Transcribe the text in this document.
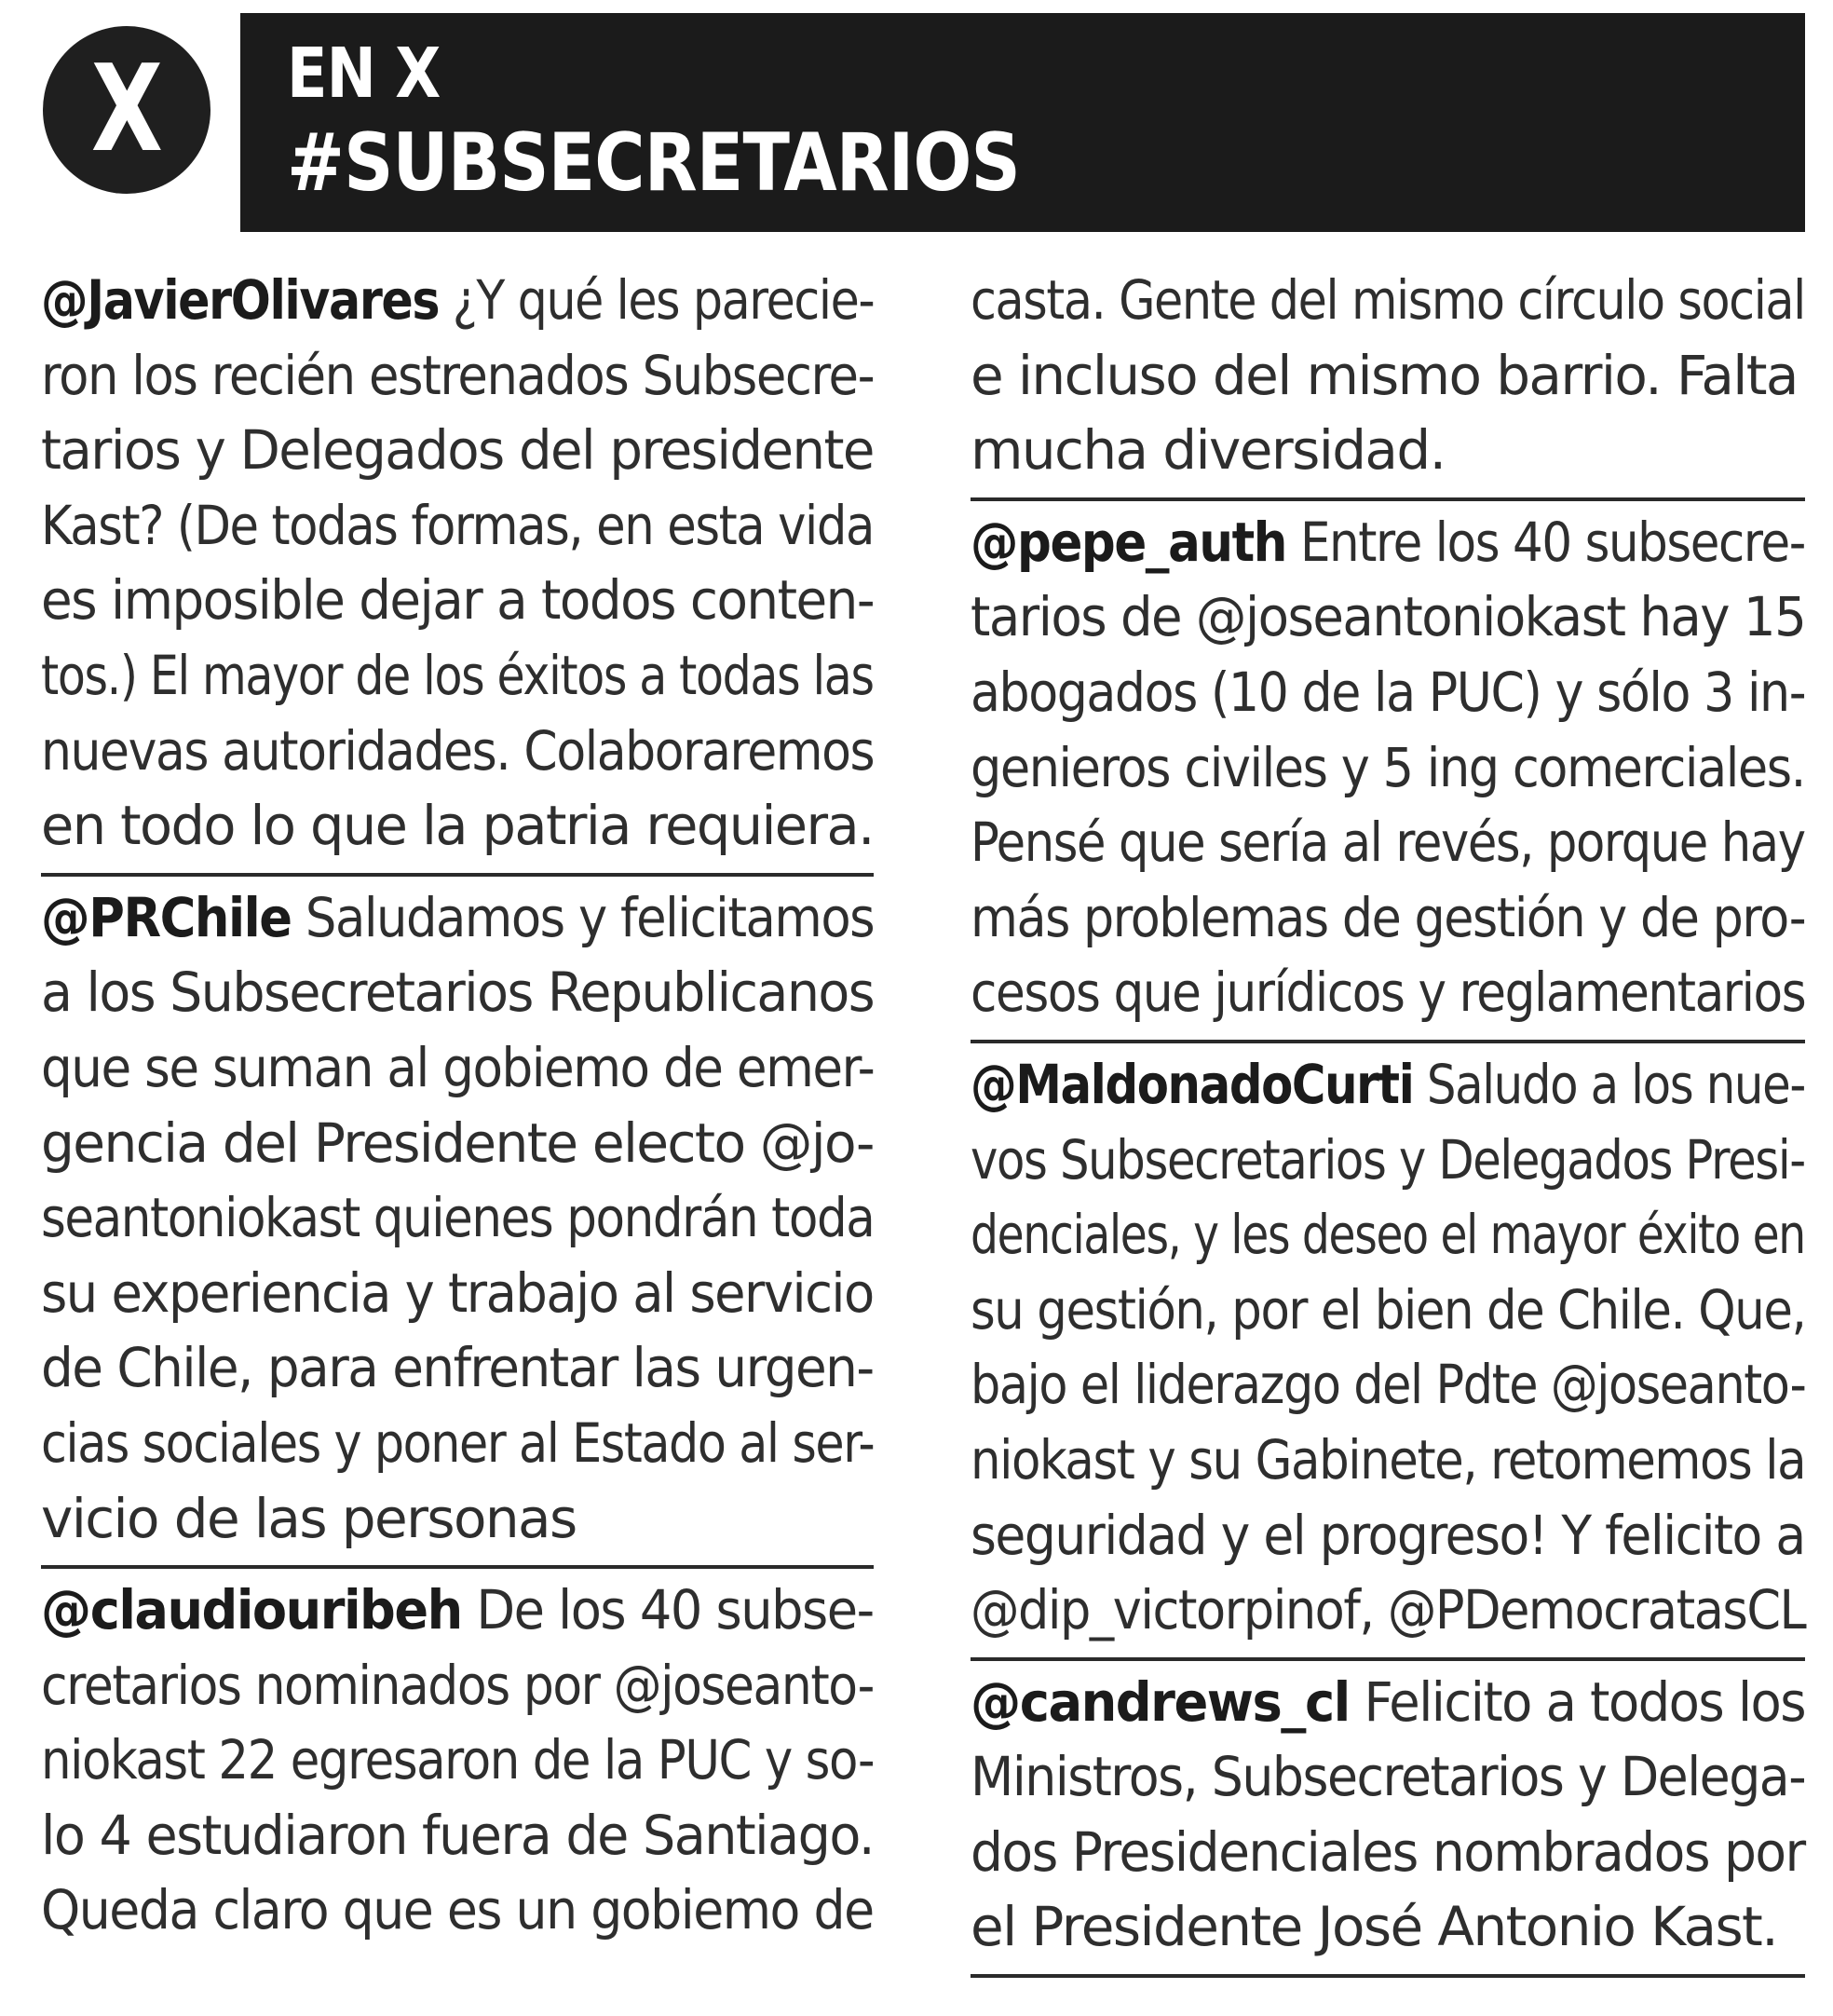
X EN X
#SUBSECRETARIOS
@JavierOlivares ¿Y qué les parecie-
ron los recién estrenados Subsecre-
tarios y Delegados del presidente
Kast? (De todas formas, en esta vida
es imposible dejar a todos conten-
tos.) El mayor de los éxitos a todas las
nuevas autoridades. Colaboraremos
en todo lo que la patria requiera.
@PRChile Saludamos y felicitamos
a los Subsecretarios Republicanos
que se suman al gobiemo de emer-
gencia del Presidente electo @jo-
seantoniokast quienes pondrán toda
su experiencia y trabajo al servicio
de Chile, para enfrentar las urgen-
cias sociales y poner al Estado al ser-
vicio de las personas
@claudiouribeh De los 40 subse-
cretarios nominados por @joseanto-
niokast 22 egresaron de la PUC y so-
lo 4 estudiaron fuera de Santiago.
Queda claro que es un gobiemo de
casta. Gente del mismo círculo social
e incluso del mismo barrio. Falta
mucha diversidad.
@pepe_auth Entre los 40 subsecre-
tarios de @joseantoniokast hay 15
abogados (10 de la PUC) y sólo 3 in-
genieros civiles y 5 ing comerciales.
Pensé que sería al revés, porque hay
más problemas de gestión y de pro-
cesos que jurídicos y reglamentarios
@MaldonadoCurti Saludo a los nue-
vos Subsecretarios y Delegados Presi-
denciales, y les deseo el mayor éxito en
su gestión, por el bien de Chile. Que,
bajo el liderazgo del Pdte @joseanto-
niokast y su Gabinete, retomemos la
seguridad y el progreso! Y felicito a
@dip_victorpinof, @PDemocratasCL
@candrews_cl Felicito a todos los
Ministros, Subsecretarios y Delega-
dos Presidenciales nombrados por
el Presidente José Antonio Kast.
